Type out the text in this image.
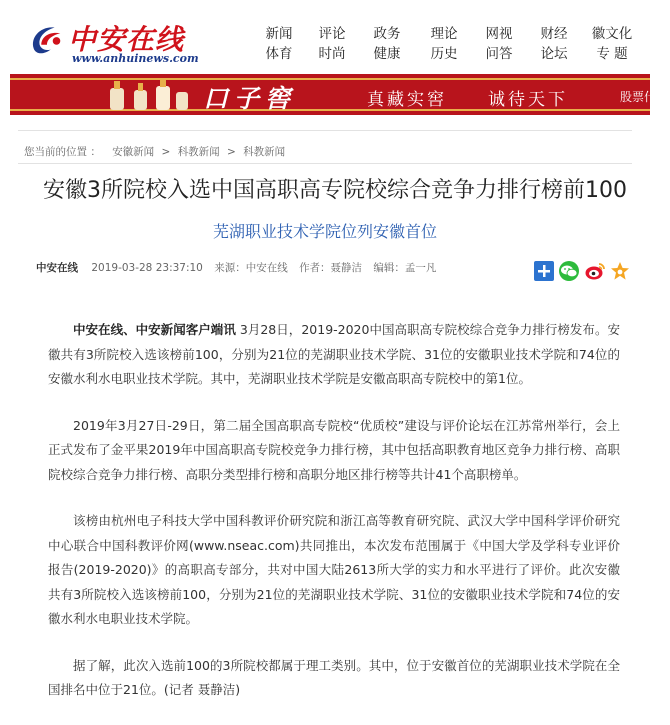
中安在线
www.anhuinews.com
新闻 评论 政务 理论 网视 财经 徽文化
体育 时尚 健康 历史 问答 论坛	专 题
口子窖	真藏实窖 诚待天下	股票代
您当前的位置 ： 安徽新闻 > 科教新闻 > 科教新闻
安徽3所院校入选中国高职高专院校综合竞争力排行榜前100
芜湖职业技术学院位列安徽首位
中安在线 2019-03-28 23:37:10 来源：中安在线 作者：聂静洁 编辑：孟一凡

中安在线、中安新闻客户端讯 3月28日，2019-2020中国高职高专院校综合竞争力排行榜发布。安徽共有3所院校入选该榜前100，分别为21位的芜湖职业技术学院、31位的安徽职业技术学院和74位的安徽水利水电职业技术学院。其中，芜湖职业技术学院是安徽高职高专院校中的第1位。

2019年3月27日-29日，第二届全国高职高专院校“优质校”建设与评价论坛在江苏常州举行，会上正式发布了金平果2019年中国高职高专院校竞争力排行榜，其中包括高职教育地区竞争力排行榜、高职院校综合竞争力排行榜、高职分类型排行榜和高职分地区排行榜等共计41个高职榜单。

该榜由杭州电子科技大学中国科教评价研究院和浙江高等教育研究院、武汉大学中国科学评价研究中心联合中国科教评价网(www.nseac.com)共同推出，本次发布范围属于《中国大学及学科专业评价报告(2019-2020)》的高职高专部分，共对中国大陆2613所大学的实力和水平进行了评价。此次安徽共有3所院校入选该榜前100，分别为21位的芜湖职业技术学院、31位的安徽职业技术学院和74位的安徽水利水电职业技术学院。

据了解，此次入选前100的3所院校都属于理工类别。其中，位于安徽首位的芜湖职业技术学院在全国排名中位于21位。(记者 聂静洁)
